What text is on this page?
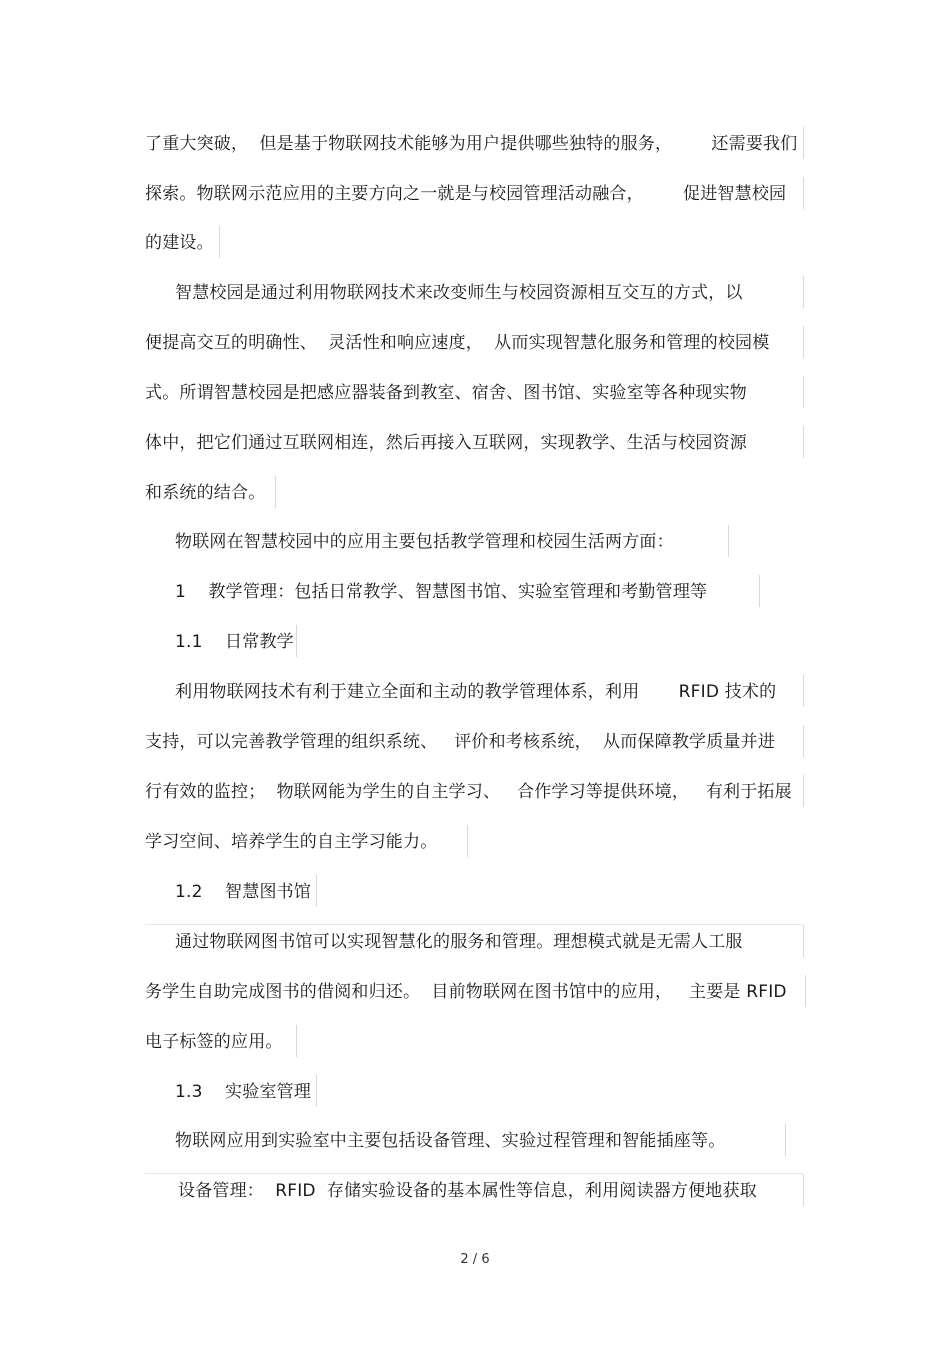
了重大突破，  但是基于物联网技术能够为用户提供哪些独特的服务，       还需要我们
探索。物联网示范应用的主要方向之一就是与校园管理活动融合，       促进智慧校园
的建设。
智慧校园是通过利用物联网技术来改变师生与校园资源相互交互的方式，以
便提高交互的明确性、  灵活性和响应速度，  从而实现智慧化服务和管理的校园模
式。所谓智慧校园是把感应器装备到教室、宿舍、图书馆、实验室等各种现实物
体中，把它们通过互联网相连，然后再接入互联网，实现教学、生活与校园资源
和系统的结合。
物联网在智慧校园中的应用主要包括教学管理和校园生活两方面：
1    教学管理：包括日常教学、智慧图书馆、实验室管理和考勤管理等
1.1    日常教学
利用物联网技术有利于建立全面和主动的教学管理体系，利用       RFID 技术的
支持，可以完善教学管理的组织系统、   评价和考核系统，  从而保障教学质量并进
行有效的监控；  物联网能为学生的自主学习、   合作学习等提供环境，   有利于拓展
学习空间、培养学生的自主学习能力。
1.2    智慧图书馆
通过物联网图书馆可以实现智慧化的服务和管理。理想模式就是无需人工服
务学生自助完成图书的借阅和归还。  目前物联网在图书馆中的应用，   主要是 RFID
电子标签的应用。
1.3    实验室管理
物联网应用到实验室中主要包括设备管理、实验过程管理和智能插座等。
设备管理：  RFID  存储实验设备的基本属性等信息，利用阅读器方便地获取
2 / 6
